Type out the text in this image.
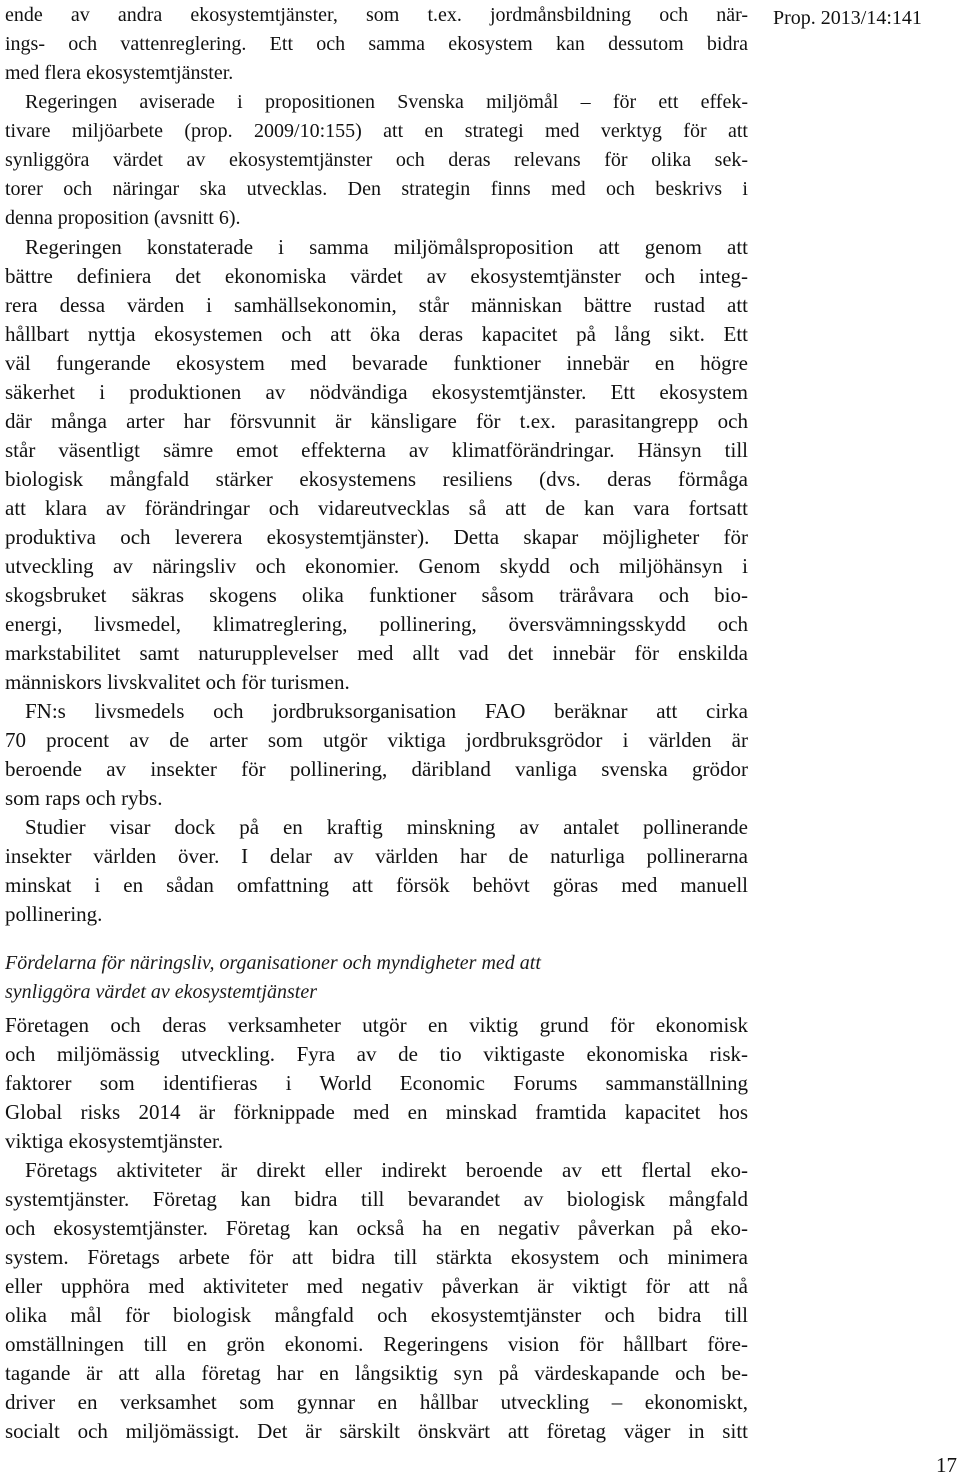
Prop. 2013/14:141
ende av andra ekosystemtjänster, som t.ex. jordmånsbildning och när-
ings- och vattenreglering. Ett och samma ekosystem kan dessutom bidra
med flera ekosystemtjänster.
Regeringen aviserade i propositionen Svenska miljömål – för ett effek-
tivare miljöarbete (prop. 2009/10:155) att en strategi med verktyg för att
synliggöra värdet av ekosystemtjänster och deras relevans för olika sek-
torer och näringar ska utvecklas. Den strategin finns med och beskrivs i
denna proposition (avsnitt 6).
Regeringen konstaterade i samma miljömålsproposition att genom att
bättre definiera det ekonomiska värdet av ekosystemtjänster och integ-
rera dessa värden i samhällsekonomin, står människan bättre rustad att
hållbart nyttja ekosystemen och att öka deras kapacitet på lång sikt. Ett
väl fungerande ekosystem med bevarade funktioner innebär en högre
säkerhet i produktionen av nödvändiga ekosystemtjänster. Ett ekosystem
där många arter har försvunnit är känsligare för t.ex. parasitangrepp och
står väsentligt sämre emot effekterna av klimatförändringar. Hänsyn till
biologisk mångfald stärker ekosystemens resiliens (dvs. deras förmåga
att klara av förändringar och vidareutvecklas så att de kan vara fortsatt
produktiva och leverera ekosystemtjänster). Detta skapar möjligheter för
utveckling av näringsliv och ekonomier. Genom skydd och miljöhänsyn i
skogsbruket säkras skogens olika funktioner såsom träråvara och bio-
energi, livsmedel, klimatreglering, pollinering, översvämningsskydd och
markstabilitet samt naturupplevelser med allt vad det innebär för enskilda
människors livskvalitet och för turismen.
FN:s livsmedels och jordbruksorganisation FAO beräknar att cirka
70 procent av de arter som utgör viktiga jordbruksgrödor i världen är
beroende av insekter för pollinering, däribland vanliga svenska grödor
som raps och rybs.
Studier visar dock på en kraftig minskning av antalet pollinerande
insekter världen över. I delar av världen har de naturliga pollinerarna
minskat i en sådan omfattning att försök behövt göras med manuell
pollinering.
Fördelarna för näringsliv, organisationer och myndigheter med att
synliggöra värdet av ekosystemtjänster
Företagen och deras verksamheter utgör en viktig grund för ekonomisk
och miljömässig utveckling. Fyra av de tio viktigaste ekonomiska risk-
faktorer som identifieras i World Economic Forums sammanställning
Global risks 2014 är förknippade med en minskad framtida kapacitet hos
viktiga ekosystemtjänster.
Företags aktiviteter är direkt eller indirekt beroende av ett flertal eko-
systemtjänster. Företag kan bidra till bevarandet av biologisk mångfald
och ekosystemtjänster. Företag kan också ha en negativ påverkan på eko-
system. Företags arbete för att bidra till stärkta ekosystem och minimera
eller upphöra med aktiviteter med negativ påverkan är viktigt för att nå
olika mål för biologisk mångfald och ekosystemtjänster och bidra till
omställningen till en grön ekonomi. Regeringens vision för hållbart före-
tagande är att alla företag har en långsiktig syn på värdeskapande och be-
driver en verksamhet som gynnar en hållbar utveckling – ekonomiskt,
socialt och miljömässigt. Det är särskilt önskvärt att företag väger in sitt
17
